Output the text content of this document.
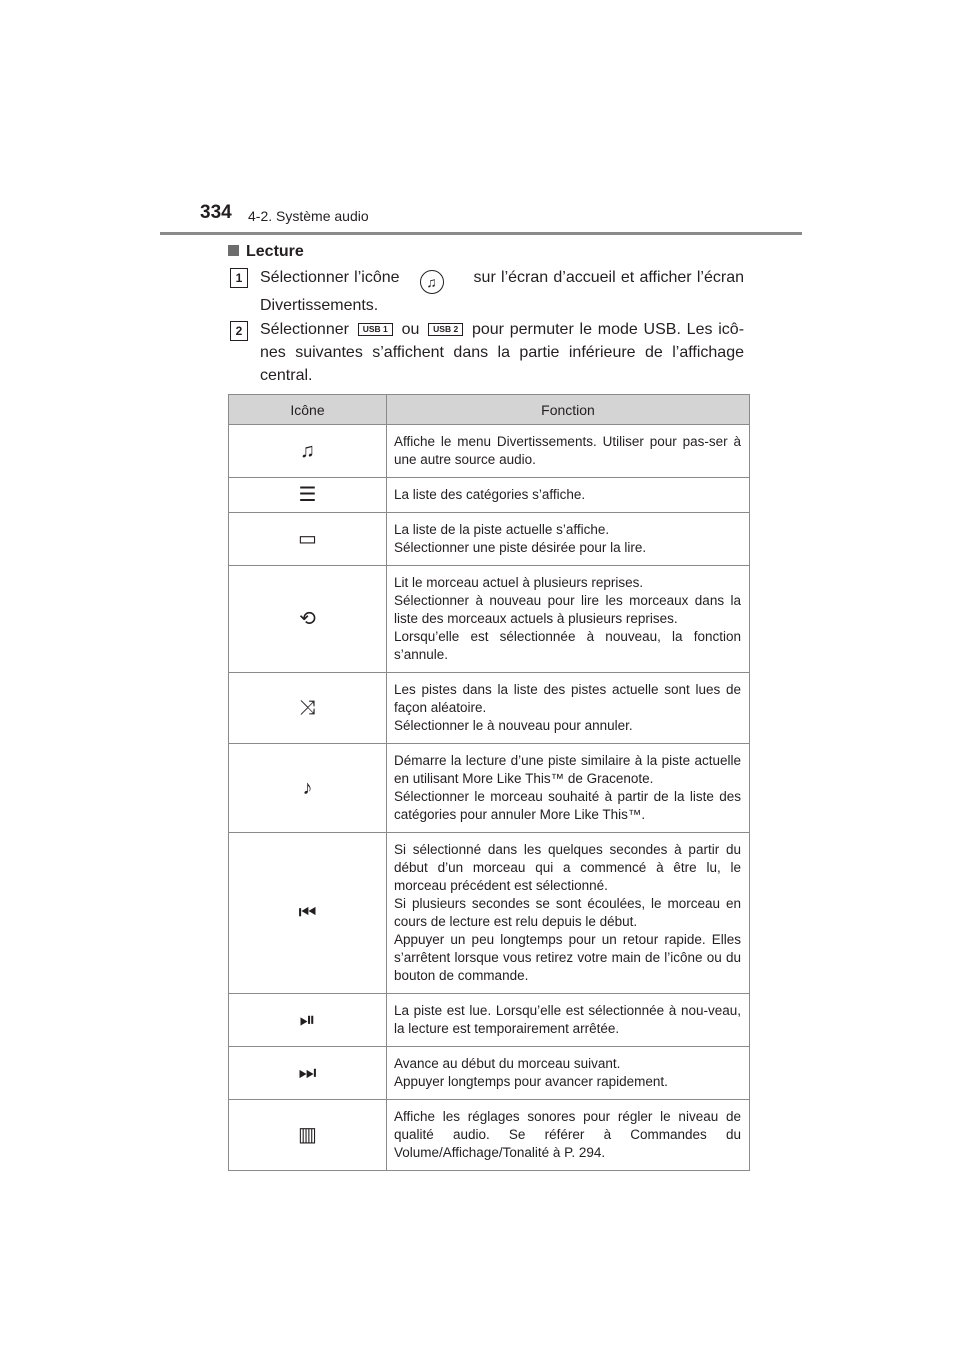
334 4-2. Système audio
Lecture
1	Sélectionner l’icône ♫ sur l’écran d’accueil et afficher l’écran Divertissements.
2	Sélectionner USB 1 ou USB 2 pour permuter le mode USB. Les icô-nes suivantes s’affichent dans la partie inférieure de l’affichage central.
Icône	Fonction
♫	Affiche le menu Divertissements. Utiliser pour pas-ser à une autre source audio.
☰	La liste des catégories s’affiche.
▭	La liste de la piste actuelle s’affiche.
Sélectionner une piste désirée pour la lire.
⟲	Lit le morceau actuel à plusieurs reprises.
Sélectionner à nouveau pour lire les morceaux dans la liste des morceaux actuels à plusieurs reprises.
Lorsqu’elle est sélectionnée à nouveau, la fonction s’annule.
⤨	Les pistes dans la liste des pistes actuelle sont lues de façon aléatoire.
Sélectionner le à nouveau pour annuler.
♪	Démarre la lecture d’une piste similaire à la piste actuelle en utilisant More Like This™ de Gracenote.
Sélectionner le morceau souhaité à partir de la liste des catégories pour annuler More Like This™.
⏮	Si sélectionné dans les quelques secondes à partir du début d’un morceau qui a commencé à être lu, le morceau précédent est sélectionné.
Si plusieurs secondes se sont écoulées, le morceau en cours de lecture est relu depuis le début.
Appuyer un peu longtemps pour un retour rapide. Elles s’arrêtent lorsque vous retirez votre main de l’icône ou du bouton de commande.
⏯	La piste est lue. Lorsqu’elle est sélectionnée à nou-veau, la lecture est temporairement arrêtée.
⏭	Avance au début du morceau suivant.
Appuyer longtemps pour avancer rapidement.
▥	Affiche les réglages sonores pour régler le niveau de qualité audio. Se référer à Commandes du Volume/Affichage/Tonalité à P. 294.
